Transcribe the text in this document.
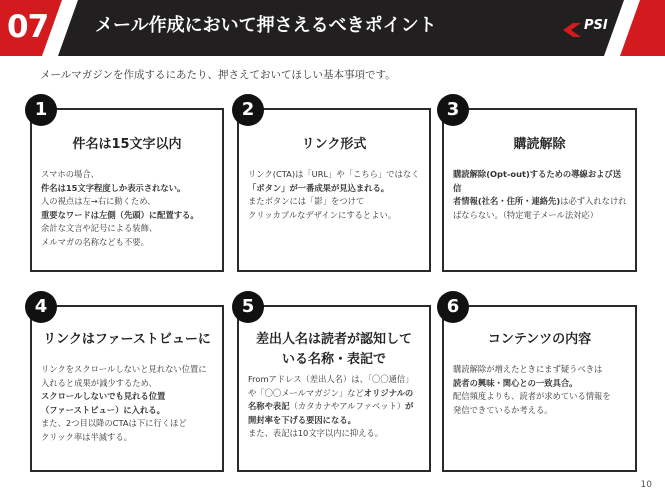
07	メール作成において押さえるべきポイント	PSI
メールマガジンを作成するにあたり、押さえておいてほしい基本事項です。
件名は15文字以内

スマホの場合、

件名は15文字程度しか表示されない。

人の視点は左→右に動くため、

重要なワードは左側（先頭）に配置する。

余計な文言や記号による装飾、

メルマガの名称なども不要。

1
リンク形式

リンク(CTA)は「URL」や「こちら」ではなく

「ボタン」が一番成果が見込まれる。

またボタンには「影」をつけて

クリッカブルなデザインにするとよい。

2
購読解除

購読解除(Opt-out)するための導線および送信

者情報(社名・住所・連絡先)は必ず入れなけれ

ばならない。（特定電子メール法対応）

3
リンクはファーストビューに

リンクをスクロールしないと見れない位置に

入れると成果が減少するため、

スクロールしないでも見れる位置

（ファーストビュー）に入れる。

また、2つ目以降のCTAは下に行くほど

クリック率は半減する。

4
差出人名は読者が認知して
いる名称・表記で

Fromアドレス（差出人名）は、「〇〇通信」

や「〇〇メールマガジン」などオリジナルの

名称や表記（カタカナやアルファベット）が

開封率を下げる要因になる。

また、表記は10文字以内に抑える。

5
コンテンツの内容

購読解除が増えたときにまず疑うべきは

読者の興味・関心との一致具合。

配信頻度よりも、読者が求めている情報を

発信できているか考える。

6
10
